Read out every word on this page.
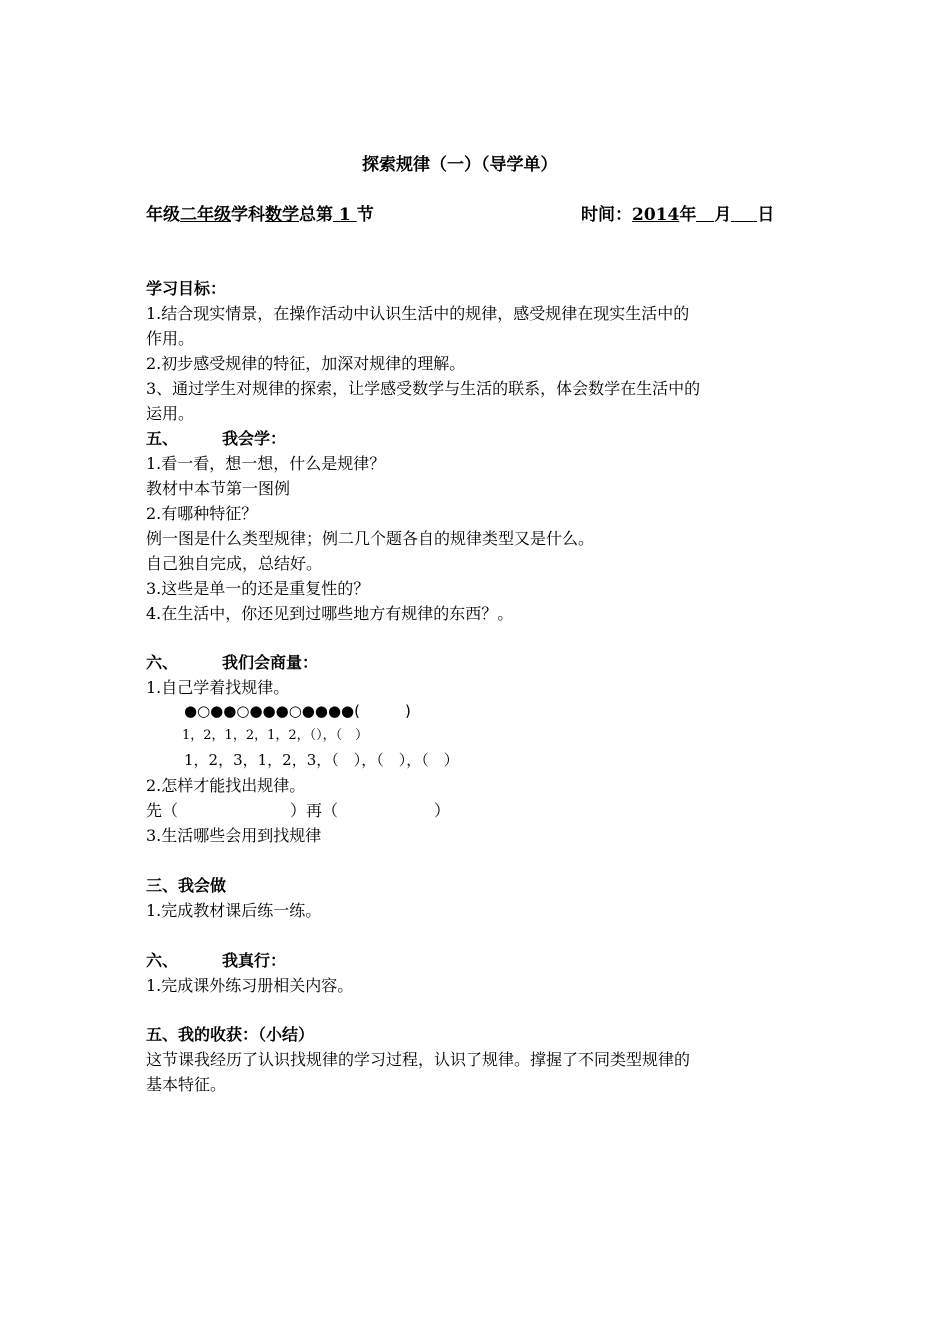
探索规律（一）（导学单）
年级二年级学科数学总第 1 节	时间：2014年 月 日
学习目标：
1.结合现实情景，在操作活动中认识生活中的规律，感受规律在现实生活中的
作用。
2.初步感受规律的特征，加深对规律的理解。
3、通过学生对规律的探索，让学感受数学与生活的联系，体会数学在生活中的
运用。
五、	我会学：
1.看一看，想一想，什么是规律？
教材中本节第一图例
2.有哪种特征？
例一图是什么类型规律；例二几个题各自的规律类型又是什么。
自己独自完成，总结好。
3.这些是单一的还是重复性的？
4.在生活中，你还见到过哪些地方有规律的东西？。
六、	我们会商量：
1.自己学着找规律。
●○●●○●●●○●●●●(　　　)
1，2，1，2，1，2，（），（　）
1，2，3，1，2，3，（　），（　），（　）
2.怎样才能找出规律。
先（　　　　　　　）再（　　　　　　）
3.生活哪些会用到找规律
三、我会做
1.完成教材课后练一练。
六、	我真行：
1.完成课外练习册相关内容。
五、我的收获：（小结）
这节课我经历了认识找规律的学习过程，认识了规律。撑握了不同类型规律的
基本特征。
